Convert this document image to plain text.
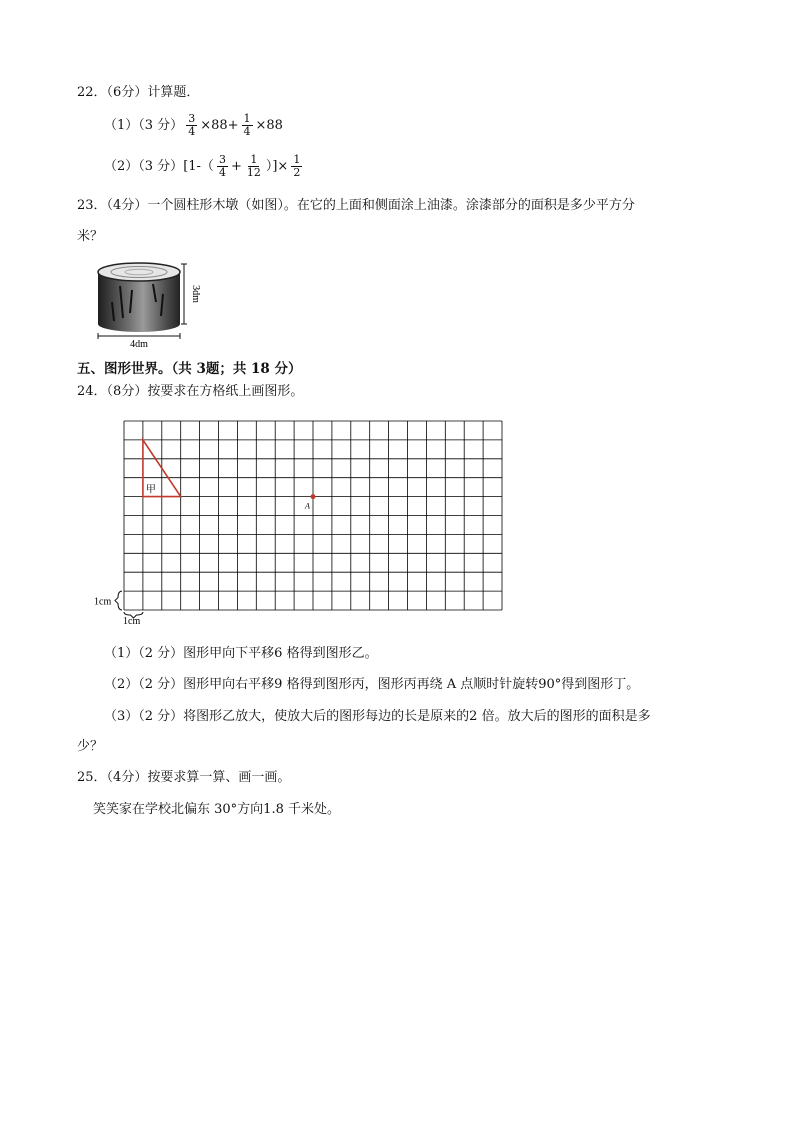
22．（6分）计算题．
（1）（3 分） $\frac{3}{4} \times 88+ \frac{1}{4} \times 88$
（2）（3 分）[$1-( \frac{3}{4} + \frac{1}{12}$ ）]× $\frac{1}{2}$
23．（4分）一个圆柱形木墩（如图）。在它的上面和侧面涂上油漆。涂漆部分的面积是多少平方分
米？
3dm
4dm
五、图形世界。（共 3题；共 18 分）
24．（8分）按要求在方格纸上画图形。
甲
A
1cm
1cm
（1）（2 分）图形甲向下平移6 格得到图形乙。
（2）（2 分）图形甲向右平移9 格得到图形丙，图形丙再绕 A 点顺时针旋转90°得到图形丁。
（3）（2 分）将图形乙放大，使放大后的图形每边的长是原来的2 倍。放大后的图形的面积是多
少？
25．（4分）按要求算一算、画一画。
笑笑家在学校北偏东 30°方向1.8 千米处。
